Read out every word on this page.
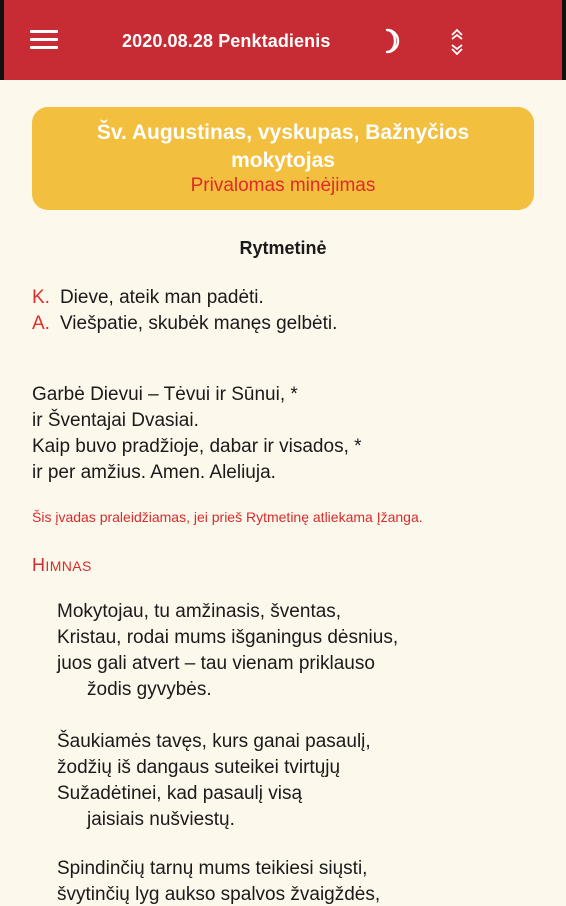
2020.08.28 Penktadienis
Šv. Augustinas, vyskupas, Bažnyčios
mokytojas
Privalomas minėjimas
Rytmetinė
K. Dieve, ateik man padėti.
A. Viešpatie, skubėk manęs gelbėti.
Garbė Dievui – Tėvui ir Sūnui, *
ir Šventajai Dvasiai.
Kaip buvo pradžioje, dabar ir visados, *
ir per amžius. Amen. Aleliuja.
Šis įvadas praleidžiamas, jei prieš Rytmetinę atliekama Įžanga.
HIMNAS
Mokytojau, tu amžinasis, šventas,
Kristau, rodai mums išganingus dėsnius,
juos gali atvert – tau vienam priklauso
žodis gyvybės.
Šaukiamės tavęs, kurs ganai pasaulį,
žodžių iš dangaus suteikei tvirtųjų
Sužadėtinei, kad pasaulį visą
jaisiais nušviestų.
Spindinčių tarnų mums teikiesi siųsti,
švytinčių lyg aukso spalvos žvaigždės,
